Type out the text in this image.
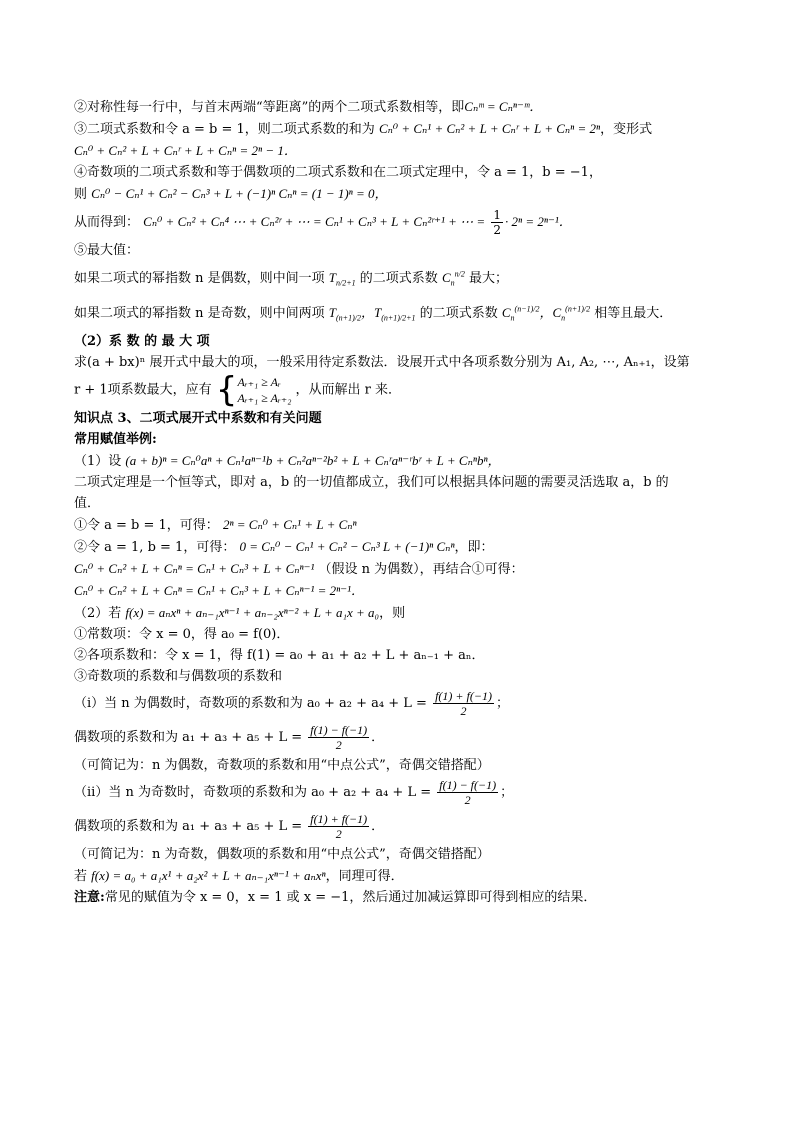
②对称性每一行中，与首末两端“等距离”的两个二项式系数相等，即Cₙᵐ = Cₙⁿ⁻ᵐ．
③二项式系数和令 a = b = 1，则二项式系数的和为 Cₙ⁰ + Cₙ¹ + Cₙ² + L + Cₙʳ + L + Cₙⁿ = 2ⁿ，变形式
Cₙ⁰ + Cₙ² + L + Cₙʳ + L + Cₙⁿ = 2ⁿ − 1．
④奇数项的二项式系数和等于偶数项的二项式系数和在二项式定理中，令 a = 1，b = −1，
则 Cₙ⁰ − Cₙ¹ + Cₙ² − Cₙ³ + L + (−1)ⁿ Cₙⁿ = (1 − 1)ⁿ = 0，
从而得到： Cₙ⁰ + Cₙ² + Cₙ⁴ ⋯ + Cₙ²ʳ + ⋯ = Cₙ¹ + Cₙ³ + L + Cₙ²ʳ⁺¹ + ⋯ = $\frac{1}{2} \cdot 2^n = 2^{n-1}$．
⑤最大值：
如果二项式的幂指数 n 是偶数，则中间一项 $T_{n/2+1}$ 的二项式系数 $C_n^{n/2}$ 最大；
如果二项式的幂指数 n 是奇数，则中间两项 $T_{(n+1)/2}$，$T_{(n+1)/2+1}$ 的二项式系数 $C_n^{(n-1)/2}$，$C_n^{(n+1)/2}$ 相等且最大．
（2）系 数 的 最 大 项
求(a + bx)ⁿ 展开式中最大的项，一般采用待定系数法．设展开式中各项系数分别为 A₁, A₂, ⋯, Aₙ₊₁，设第
r + 1项系数最大，应有 {Aᵣ₊₁ ≥ Aᵣ
Aᵣ₊₁ ≥ Aᵣ₊₂ ，从而解出 r 来．
知识点 3、二项式展开式中系数和有关问题
常用赋值举例:
（1）设 (a + b)ⁿ = Cₙ⁰aⁿ + Cₙ¹aⁿ⁻¹b + Cₙ²aⁿ⁻²b² + L + Cₙʳaⁿ⁻ʳbʳ + L + Cₙⁿbⁿ，
二项式定理是一个恒等式，即对 a，b 的一切值都成立，我们可以根据具体问题的需要灵活选取 a，b 的
值．
①令 a = b = 1，可得： 2ⁿ = Cₙ⁰ + Cₙ¹ + L + Cₙⁿ
②令 a = 1, b = 1，可得： 0 = Cₙ⁰ − Cₙ¹ + Cₙ² − Cₙ³ L + (−1)ⁿ Cₙⁿ，即：
Cₙ⁰ + Cₙ² + L + Cₙⁿ = Cₙ¹ + Cₙ³ + L + Cₙⁿ⁻¹ （假设 n 为偶数），再结合①可得：
Cₙ⁰ + Cₙ² + L + Cₙⁿ = Cₙ¹ + Cₙ³ + L + Cₙⁿ⁻¹ = 2ⁿ⁻¹．
（2）若 f(x) = aₙxⁿ + aₙ₋₁xⁿ⁻¹ + aₙ₋₂xⁿ⁻² + L + a₁x + a₀，则
①常数项：令 x = 0，得 a₀ = f(0)．
②各项系数和：令 x = 1，得 f(1) = a₀ + a₁ + a₂ + L + aₙ₋₁ + aₙ．
③奇数项的系数和与偶数项的系数和
（i）当 n 为偶数时，奇数项的系数和为 $a_0 + a_2 + a_4 + L = \frac{f(1) + f(-1)}{2}$ ；
偶数项的系数和为 $a_1 + a_3 + a_5 + L = \frac{f(1) - f(-1)}{2}$ ．
（可简记为：n 为偶数，奇数项的系数和用“中点公式”，奇偶交错搭配）
（ii）当 n 为奇数时，奇数项的系数和为 $a_0 + a_2 + a_4 + L = \frac{f(1) - f(-1)}{2}$ ；
偶数项的系数和为 $a_1 + a_3 + a_5 + L = \frac{f(1) + f(-1)}{2}$ ．
（可简记为：n 为奇数，偶数项的系数和用“中点公式”，奇偶交错搭配）
若 f(x) = a₀ + a₁x¹ + a₂x² + L + aₙ₋₁xⁿ⁻¹ + aₙxⁿ，同理可得．
注意:常见的赋值为令 x = 0，x = 1 或 x = −1，然后通过加减运算即可得到相应的结果．
